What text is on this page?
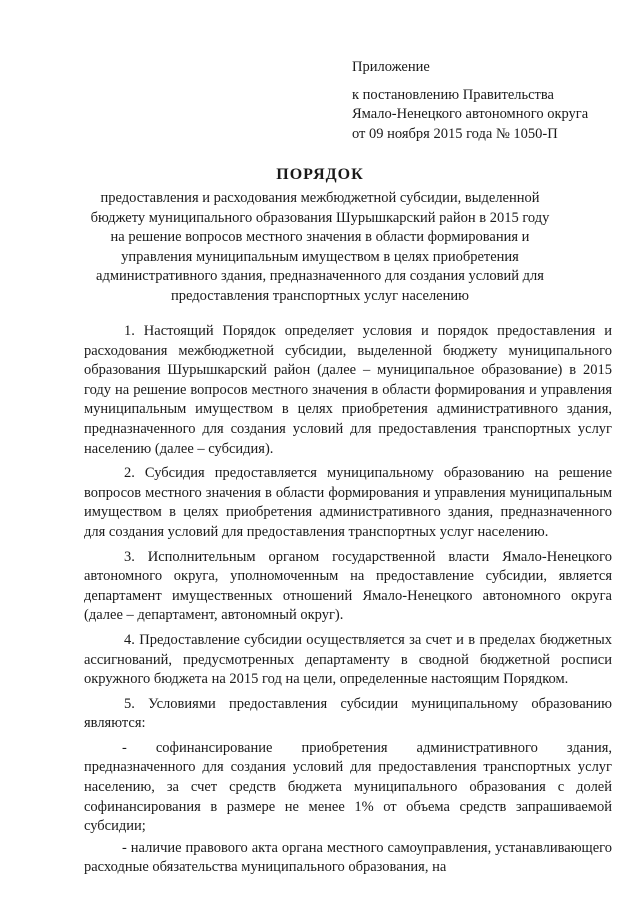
Приложение
к постановлению Правительства
Ямало-Ненецкого автономного округа
от 09 ноября 2015 года № 1050-П
ПОРЯДОК
предоставления и расходования межбюджетной субсидии, выделенной бюджету муниципального образования Шурышкарский район в 2015 году на решение вопросов местного значения в области формирования и управления муниципальным имуществом в целях приобретения административного здания, предназначенного для создания условий для предоставления транспортных услуг населению

1. Настоящий Порядок определяет условия и порядок предоставления и расходования межбюджетной субсидии, выделенной бюджету муниципального образования Шурышкарский район (далее – муниципальное образование) в 2015 году на решение вопросов местного значения в области формирования и управления муниципальным имуществом в целях приобретения административного здания, предназначенного для создания условий для предоставления транспортных услуг населению (далее – субсидия).

2. Субсидия предоставляется муниципальному образованию на решение вопросов местного значения в области формирования и управления муниципальным имуществом в целях приобретения административного здания, предназначенного для создания условий для предоставления транспортных услуг населению.

3. Исполнительным органом государственной власти Ямало-Ненецкого автономного округа, уполномоченным на предоставление субсидии, является департамент имущественных отношений Ямало-Ненецкого автономного округа (далее – департамент, автономный округ).

4. Предоставление субсидии осуществляется за счет и в пределах бюджетных ассигнований, предусмотренных департаменту в сводной бюджетной росписи окружного бюджета на 2015 год на цели, определенные настоящим Порядком.

5. Условиями предоставления субсидии муниципальному образованию являются:

- софинансирование приобретения административного здания, предназначенного для создания условий для предоставления транспортных услуг населению, за счет средств бюджета муниципального образования с долей софинансирования в размере не менее 1% от объема средств запрашиваемой субсидии;

- наличие правового акта органа местного самоуправления, устанавливающего расходные обязательства муниципального образования, на
